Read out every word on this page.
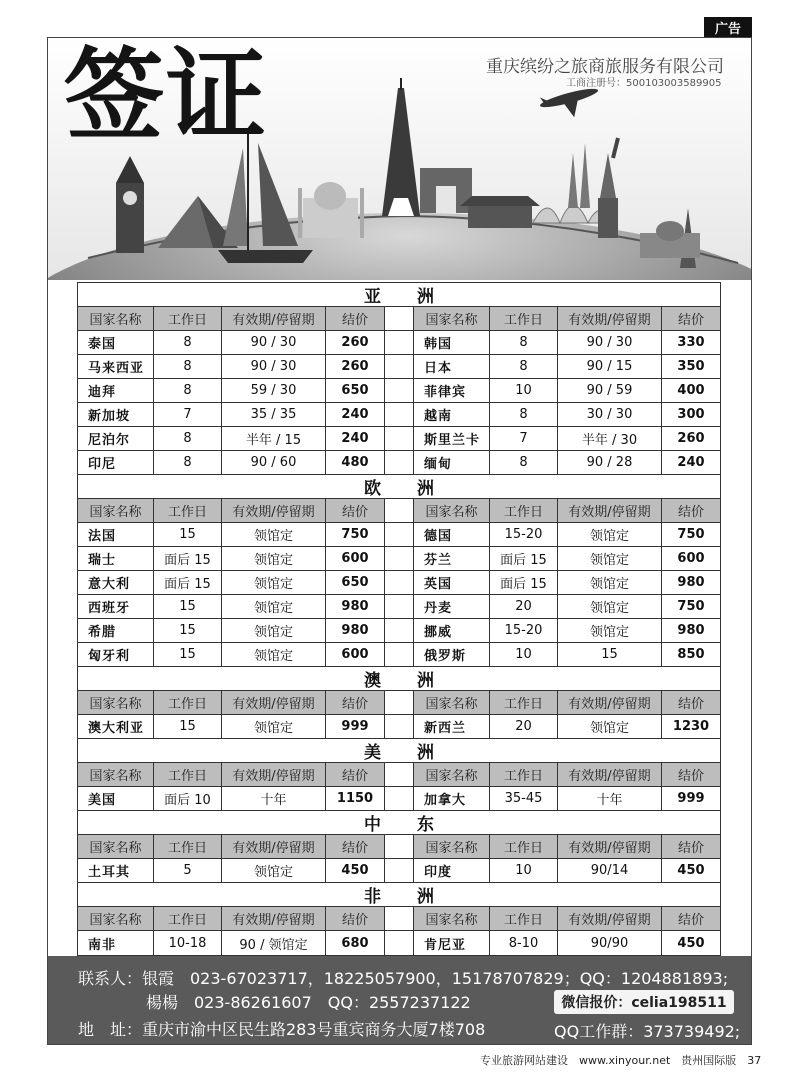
广告
签证	重庆缤纷之旅商旅服务有限公司
工商注册号：500103003589905
亚洲
国家名称	工作日	有效期/停留期	结价	国家名称	工作日	有效期/停留期	结价
泰国	8	90 / 30	260	韩国	8	90 / 30	330
马来西亚	8	90 / 30	260	日本	8	90 / 15	350
迪拜	8	59 / 30	650	菲律宾	10	90 / 59	400
新加坡	7	35 / 35	240	越南	8	30 / 30	300
尼泊尔	8	半年 / 15	240	斯里兰卡	7	半年 / 30	260
印尼	8	90 / 60	480	缅甸	8	90 / 28	240
欧洲
国家名称	工作日	有效期/停留期	结价	国家名称	工作日	有效期/停留期	结价
法国	15	领馆定	750	德国	15-20	领馆定	750
瑞士	面后 15	领馆定	600	芬兰	面后 15	领馆定	600
意大利	面后 15	领馆定	650	英国	面后 15	领馆定	980
西班牙	15	领馆定	980	丹麦	20	领馆定	750
希腊	15	领馆定	980	挪威	15-20	领馆定	980
匈牙利	15	领馆定	600	俄罗斯	10	15	850
澳洲
国家名称	工作日	有效期/停留期	结价	国家名称	工作日	有效期/停留期	结价
澳大利亚	15	领馆定	999	新西兰	20	领馆定	1230
美洲
国家名称	工作日	有效期/停留期	结价	国家名称	工作日	有效期/停留期	结价
美国	面后 10	十年	1150	加拿大	35-45	十年	999
中东
国家名称	工作日	有效期/停留期	结价	国家名称	工作日	有效期/停留期	结价
土耳其	5	领馆定	450	印度	10	90/14	450
非洲
国家名称	工作日	有效期/停留期	结价	国家名称	工作日	有效期/停留期	结价
南非	10-18	90 / 领馆定	680	肯尼亚	8-10	90/90	450
联系人：银霞　023-67023717，18225057900，15178707829；QQ：1204881893;
楊楊　023-86261607　QQ：2557237122	微信报价：celia198511
地　址：重庆市渝中区民生路283号重宾商务大厦7楼708	QQ工作群：373739492;
专业旅游网站建设　www.xinyour.net　贵州国际版　37
